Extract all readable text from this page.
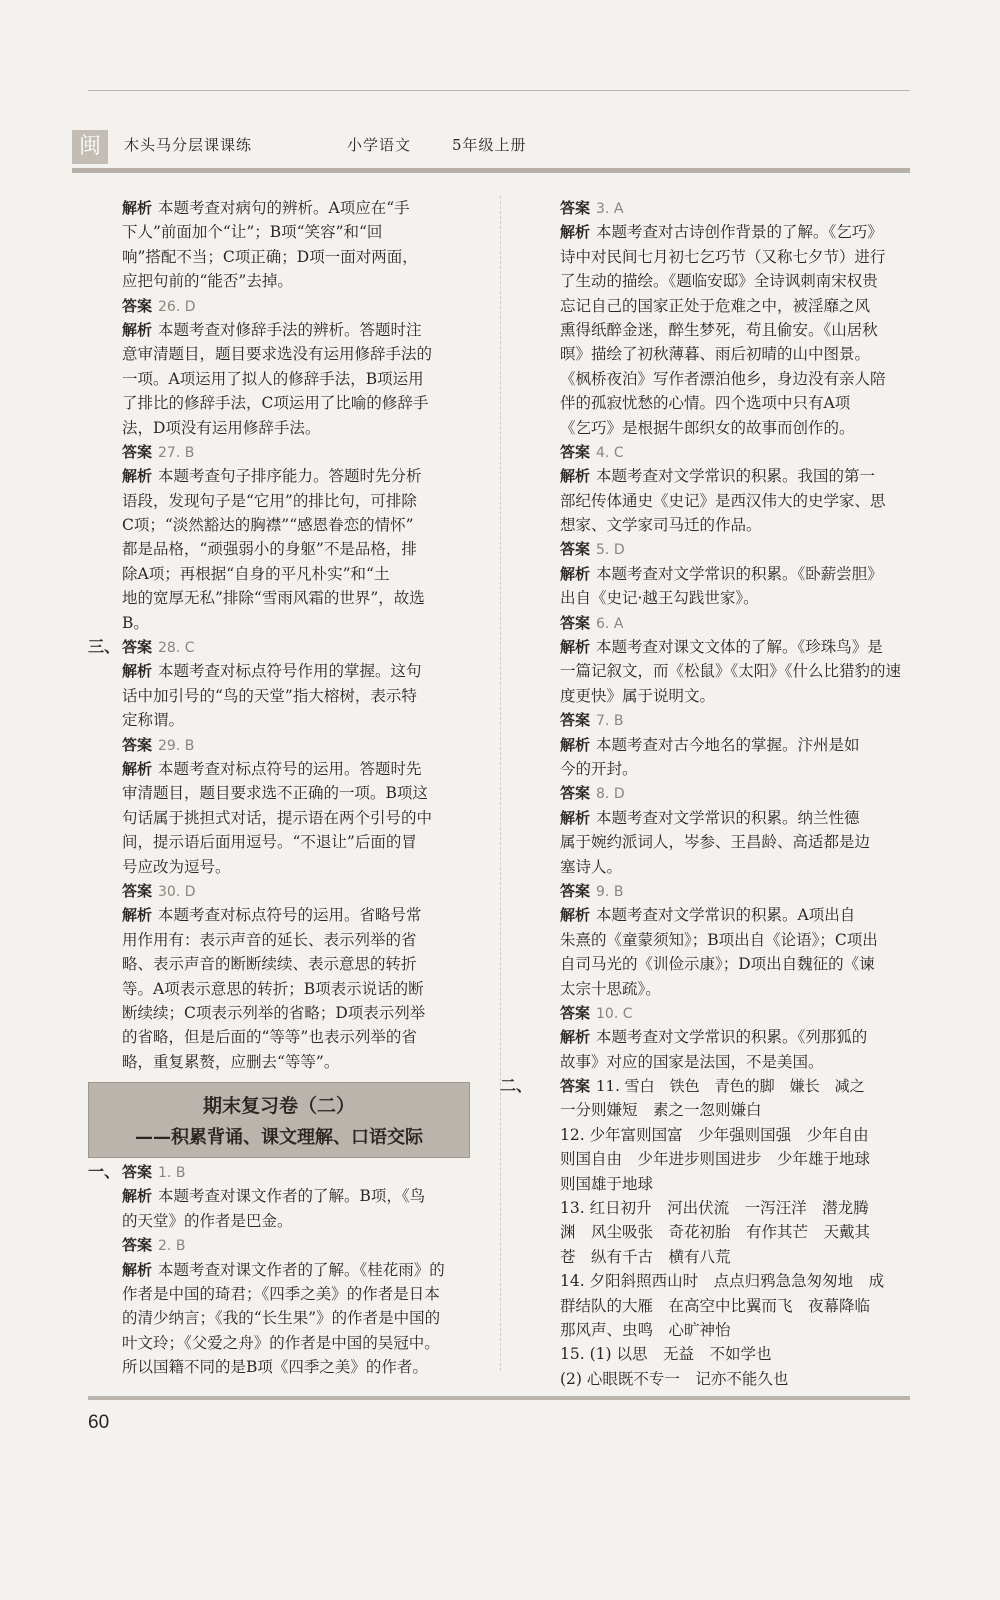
闽	木头马分层课课练	小学语文	5年级上册
解析 本题考查对病句的辨析。A项应在“手
下人”前面加个“让”；B项“笑容”和“回
响”搭配不当；C项正确；D项一面对两面，
应把句前的“能否”去掉。
答案 26. D
解析 本题考查对修辞手法的辨析。答题时注
意审清题目，题目要求选没有运用修辞手法的
一项。A项运用了拟人的修辞手法，B项运用
了排比的修辞手法，C项运用了比喻的修辞手
法，D项没有运用修辞手法。
答案 27. B
解析 本题考查句子排序能力。答题时先分析
语段，发现句子是“它用”的排比句，可排除
C项；“淡然豁达的胸襟”“感恩眷恋的情怀”
都是品格，“顽强弱小的身躯”不是品格，排
除A项；再根据“自身的平凡朴实”和“土
地的宽厚无私”排除“雪雨风霜的世界”，故选
B。
三、 答案 28. C
解析 本题考查对标点符号作用的掌握。这句
话中加引号的“鸟的天堂”指大榕树，表示特
定称谓。
答案 29. B
解析 本题考查对标点符号的运用。答题时先
审清题目，题目要求选不正确的一项。B项这
句话属于挑担式对话，提示语在两个引号的中
间，提示语后面用逗号。“不退让”后面的冒
号应改为逗号。
答案 30. D
解析 本题考查对标点符号的运用。省略号常
用作用有：表示声音的延长、表示列举的省
略、表示声音的断断续续、表示意思的转折
等。A项表示意思的转折；B项表示说话的断
断续续；C项表示列举的省略；D项表示列举
的省略，但是后面的“等等”也表示列举的省
略，重复累赘，应删去“等等”。
期末复习卷（二）
——积累背诵、课文理解、口语交际
一、 答案 1. B
解析 本题考查对课文作者的了解。B项，《鸟
的天堂》的作者是巴金。
答案 2. B
解析 本题考查对课文作者的了解。《桂花雨》的
作者是中国的琦君；《四季之美》的作者是日本
的清少纳言；《我的“长生果”》的作者是中国的
叶文玲；《父爱之舟》的作者是中国的吴冠中。
所以国籍不同的是B项《四季之美》的作者。
答案 3. A
解析 本题考查对古诗创作背景的了解。《乞巧》
诗中对民间七月初七乞巧节（又称七夕节）进行
了生动的描绘。《题临安邸》全诗讽刺南宋权贵
忘记自己的国家正处于危难之中，被淫靡之风
熏得纸醉金迷，醉生梦死，苟且偷安。《山居秋
暝》描绘了初秋薄暮、雨后初晴的山中图景。
《枫桥夜泊》写作者漂泊他乡，身边没有亲人陪
伴的孤寂忧愁的心情。四个选项中只有A项
《乞巧》是根据牛郎织女的故事而创作的。
答案 4. C
解析 本题考查对文学常识的积累。我国的第一
部纪传体通史《史记》是西汉伟大的史学家、思
想家、文学家司马迁的作品。
答案 5. D
解析 本题考查对文学常识的积累。《卧薪尝胆》
出自《史记·越王勾践世家》。
答案 6. A
解析 本题考查对课文文体的了解。《珍珠鸟》是
一篇记叙文，而《松鼠》《太阳》《什么比猎豹的速
度更快》属于说明文。
答案 7. B
解析 本题考查对古今地名的掌握。汴州是如
今的开封。
答案 8. D
解析 本题考查对文学常识的积累。纳兰性德
属于婉约派词人，岑参、王昌龄、高适都是边
塞诗人。
答案 9. B
解析 本题考查对文学常识的积累。A项出自
朱熹的《童蒙须知》；B项出自《论语》；C项出
自司马光的《训俭示康》；D项出自魏征的《谏
太宗十思疏》。
答案 10. C
解析 本题考查对文学常识的积累。《列那狐的
故事》对应的国家是法国，不是美国。
二、 答案 11. 雪白　铁色　青色的脚　嫌长　减之
一分则嫌短　素之一忽则嫌白
12. 少年富则国富　少年强则国强　少年自由
则国自由　少年进步则国进步　少年雄于地球
则国雄于地球
13. 红日初升　河出伏流　一泻汪洋　潜龙腾
渊　风尘吸张　奇花初胎　有作其芒　天戴其
苍　纵有千古　横有八荒
14. 夕阳斜照西山时　点点归鸦急急匆匆地　成
群结队的大雁　在高空中比翼而飞　夜幕降临
那风声、虫鸣　心旷神怡
15. (1) 以思　无益　不如学也
(2) 心眼既不专一　记亦不能久也
60
